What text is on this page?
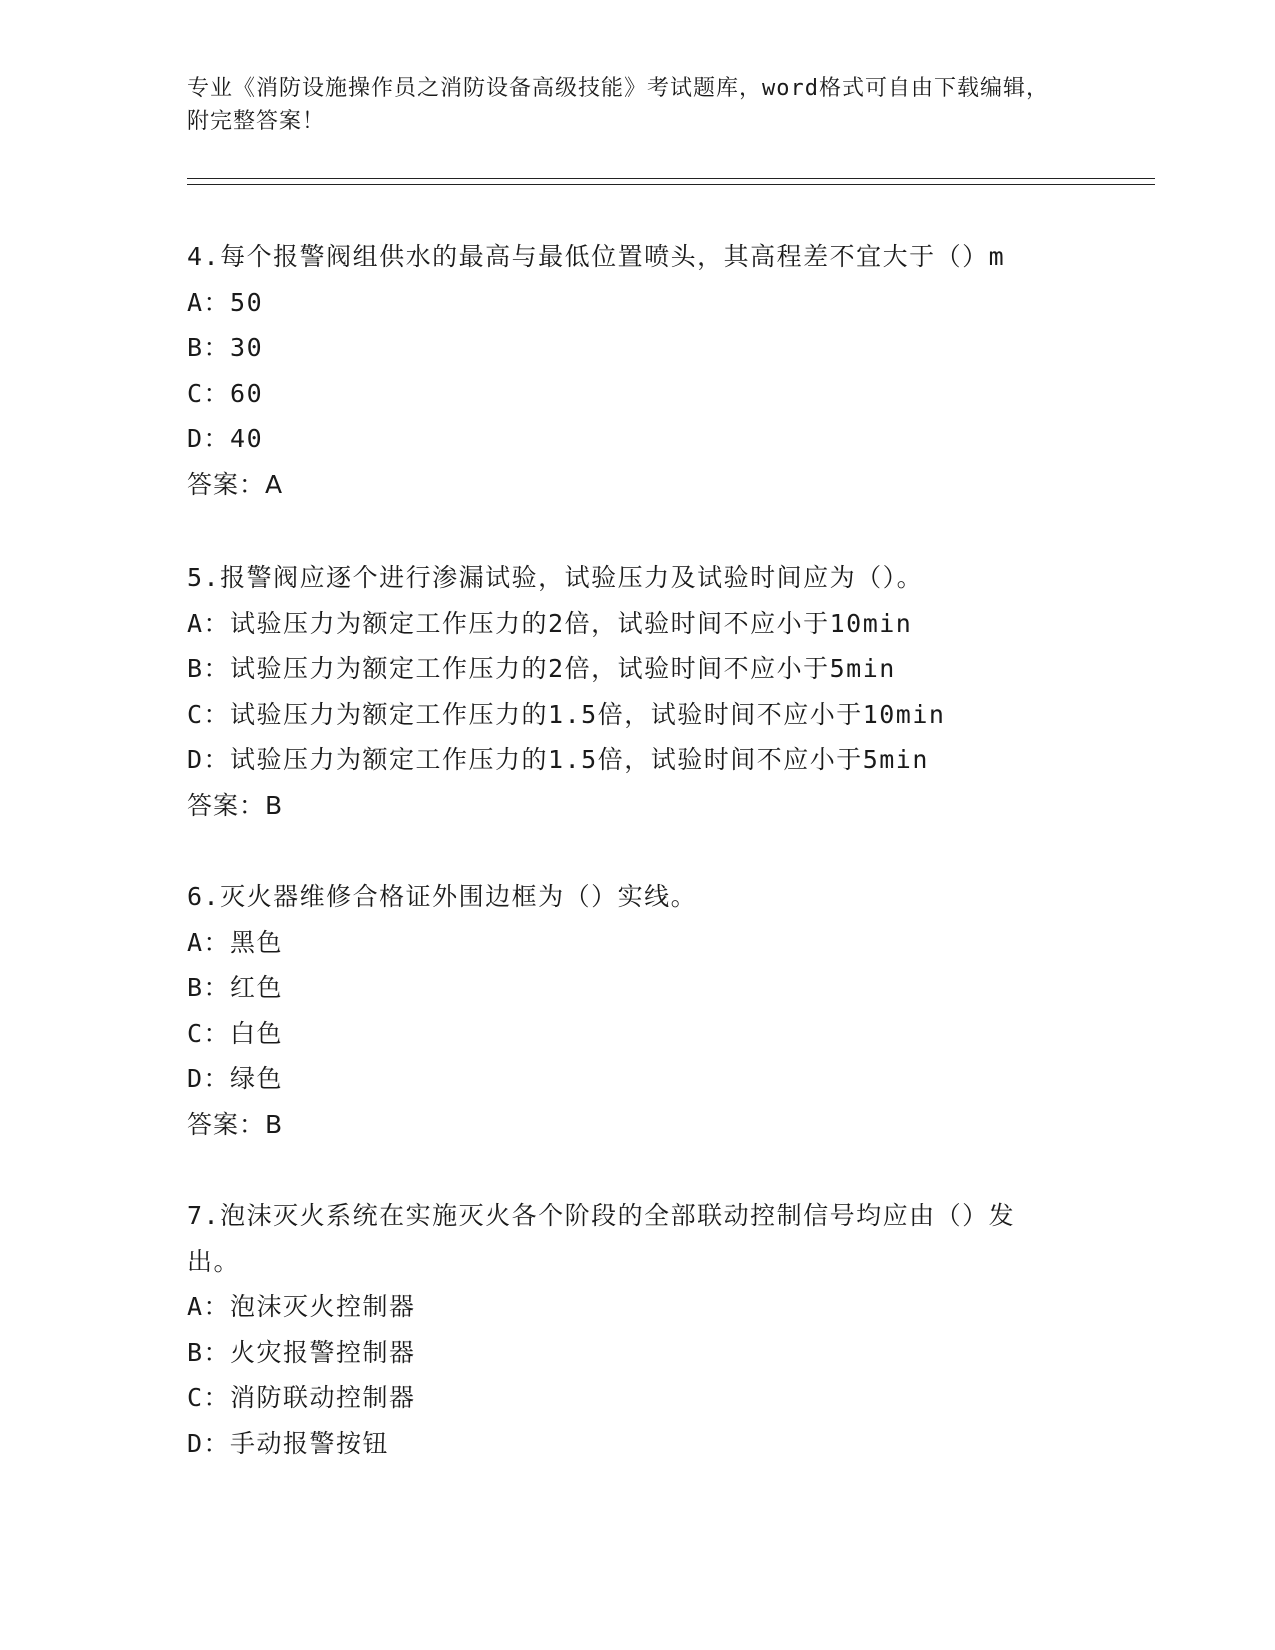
专业《消防设施操作员之消防设备高级技能》考试题库，word格式可自由下载编辑，附完整答案！
4.每个报警阀组供水的最高与最低位置喷头，其高程差不宜大于（）m
A：50
B：30
C：60
D：40
答案：A
5.报警阀应逐个进行渗漏试验，试验压力及试验时间应为（）。
A：试验压力为额定工作压力的2倍，试验时间不应小于10min
B：试验压力为额定工作压力的2倍，试验时间不应小于5min
C：试验压力为额定工作压力的1.5倍，试验时间不应小于10min
D：试验压力为额定工作压力的1.5倍，试验时间不应小于5min
答案：B
6.灭火器维修合格证外围边框为（）实线。
A：黑色
B：红色
C：白色
D：绿色
答案：B
7.泡沫灭火系统在实施灭火各个阶段的全部联动控制信号均应由（）发出。
A：泡沫灭火控制器
B：火灾报警控制器
C：消防联动控制器
D：手动报警按钮
